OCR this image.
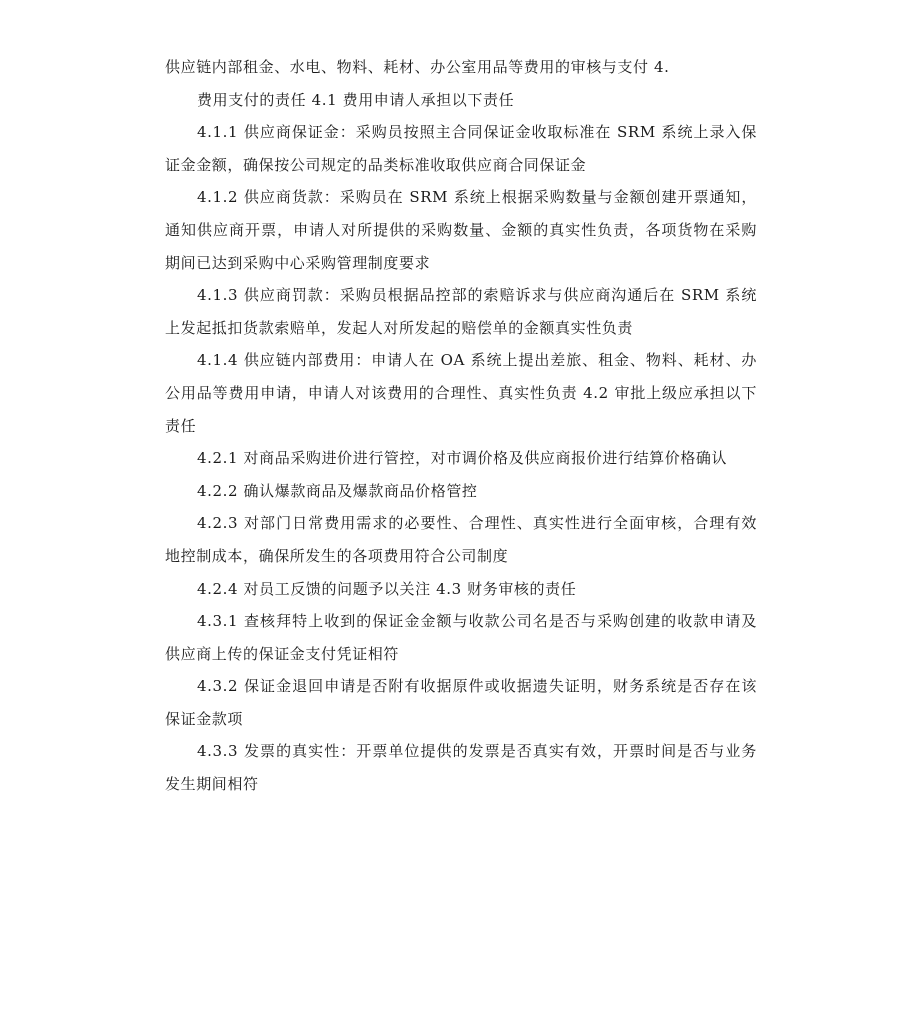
供应链内部租金、水电、物料、耗材、办公室用品等费用的审核与支付 4.

费用支付的责任 4.1 费用申请人承担以下责任

4.1.1 供应商保证金：采购员按照主合同保证金收取标准在 SRM 系统上录入保证金金额，确保按公司规定的品类标准收取供应商合同保证金

4.1.2 供应商货款：采购员在 SRM 系统上根据采购数量与金额创建开票通知，通知供应商开票，申请人对所提供的采购数量、金额的真实性负责，各项货物在采购期间已达到采购中心采购管理制度要求

4.1.3 供应商罚款：采购员根据品控部的索赔诉求与供应商沟通后在 SRM 系统上发起抵扣货款索赔单，发起人对所发起的赔偿单的金额真实性负责

4.1.4 供应链内部费用：申请人在 OA 系统上提出差旅、租金、物料、耗材、办公用品等费用申请，申请人对该费用的合理性、真实性负责 4.2 审批上级应承担以下责任

4.2.1 对商品采购进价进行管控，对市调价格及供应商报价进行结算价格确认

4.2.2 确认爆款商品及爆款商品价格管控

4.2.3 对部门日常费用需求的必要性、合理性、真实性进行全面审核，合理有效地控制成本，确保所发生的各项费用符合公司制度

4.2.4 对员工反馈的问题予以关注 4.3 财务审核的责任

4.3.1 查核拜特上收到的保证金金额与收款公司名是否与采购创建的收款申请及供应商上传的保证金支付凭证相符

4.3.2 保证金退回申请是否附有收据原件或收据遗失证明，财务系统是否存在该保证金款项

4.3.3 发票的真实性：开票单位提供的发票是否真实有效，开票时间是否与业务发生期间相符
